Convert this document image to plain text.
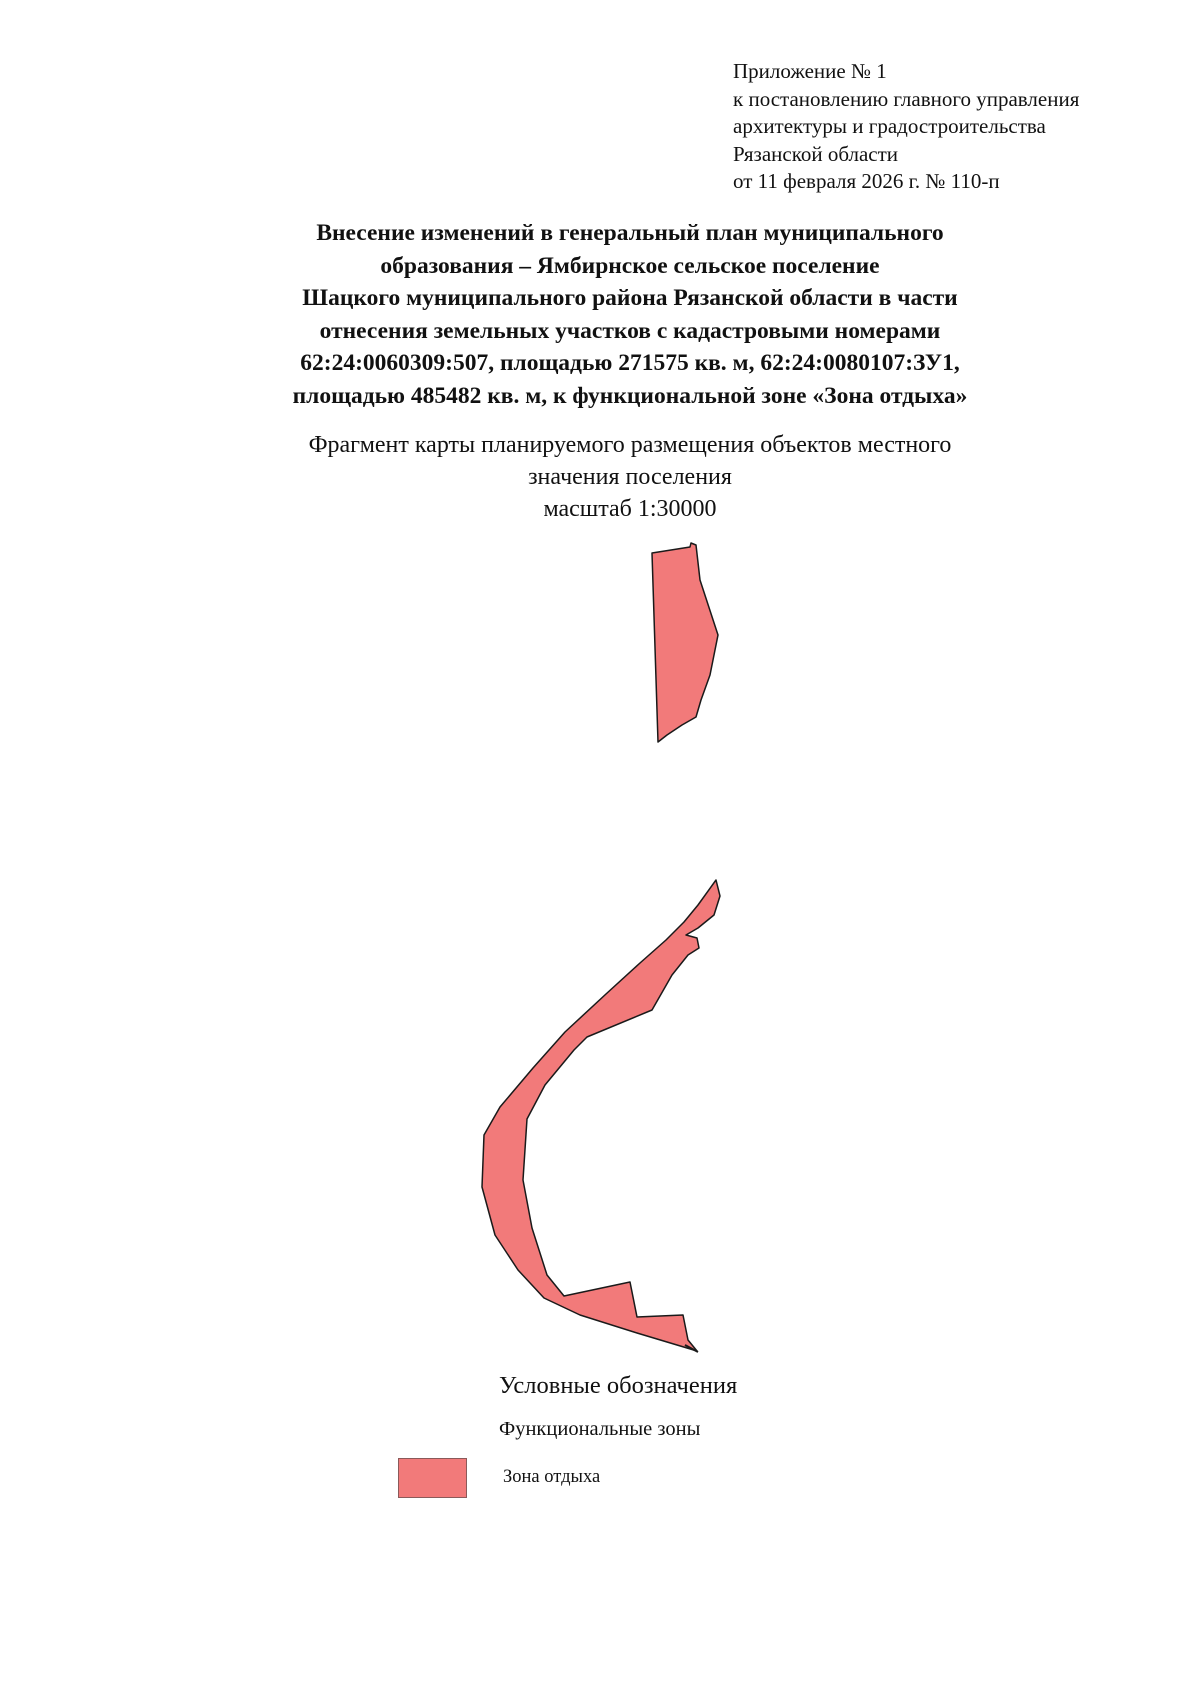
Приложение № 1
к постановлению главного управления
архитектуры и градостроительства
Рязанской области
от 11 февраля 2026 г. № 110-п
Внесение изменений в генеральный план муниципального
образования – Ямбирнское сельское поселение
Шацкого муниципального района Рязанской области в части
отнесения земельных участков с кадастровыми номерами
62:24:0060309:507, площадью 271575 кв. м, 62:24:0080107:ЗУ1,
площадью 485482 кв. м, к функциональной зоне «Зона отдыха»
Фрагмент карты планируемого размещения объектов местного
значения поселения
масштаб 1:30000
Условные обозначения
Функциональные зоны
Зона отдыха
